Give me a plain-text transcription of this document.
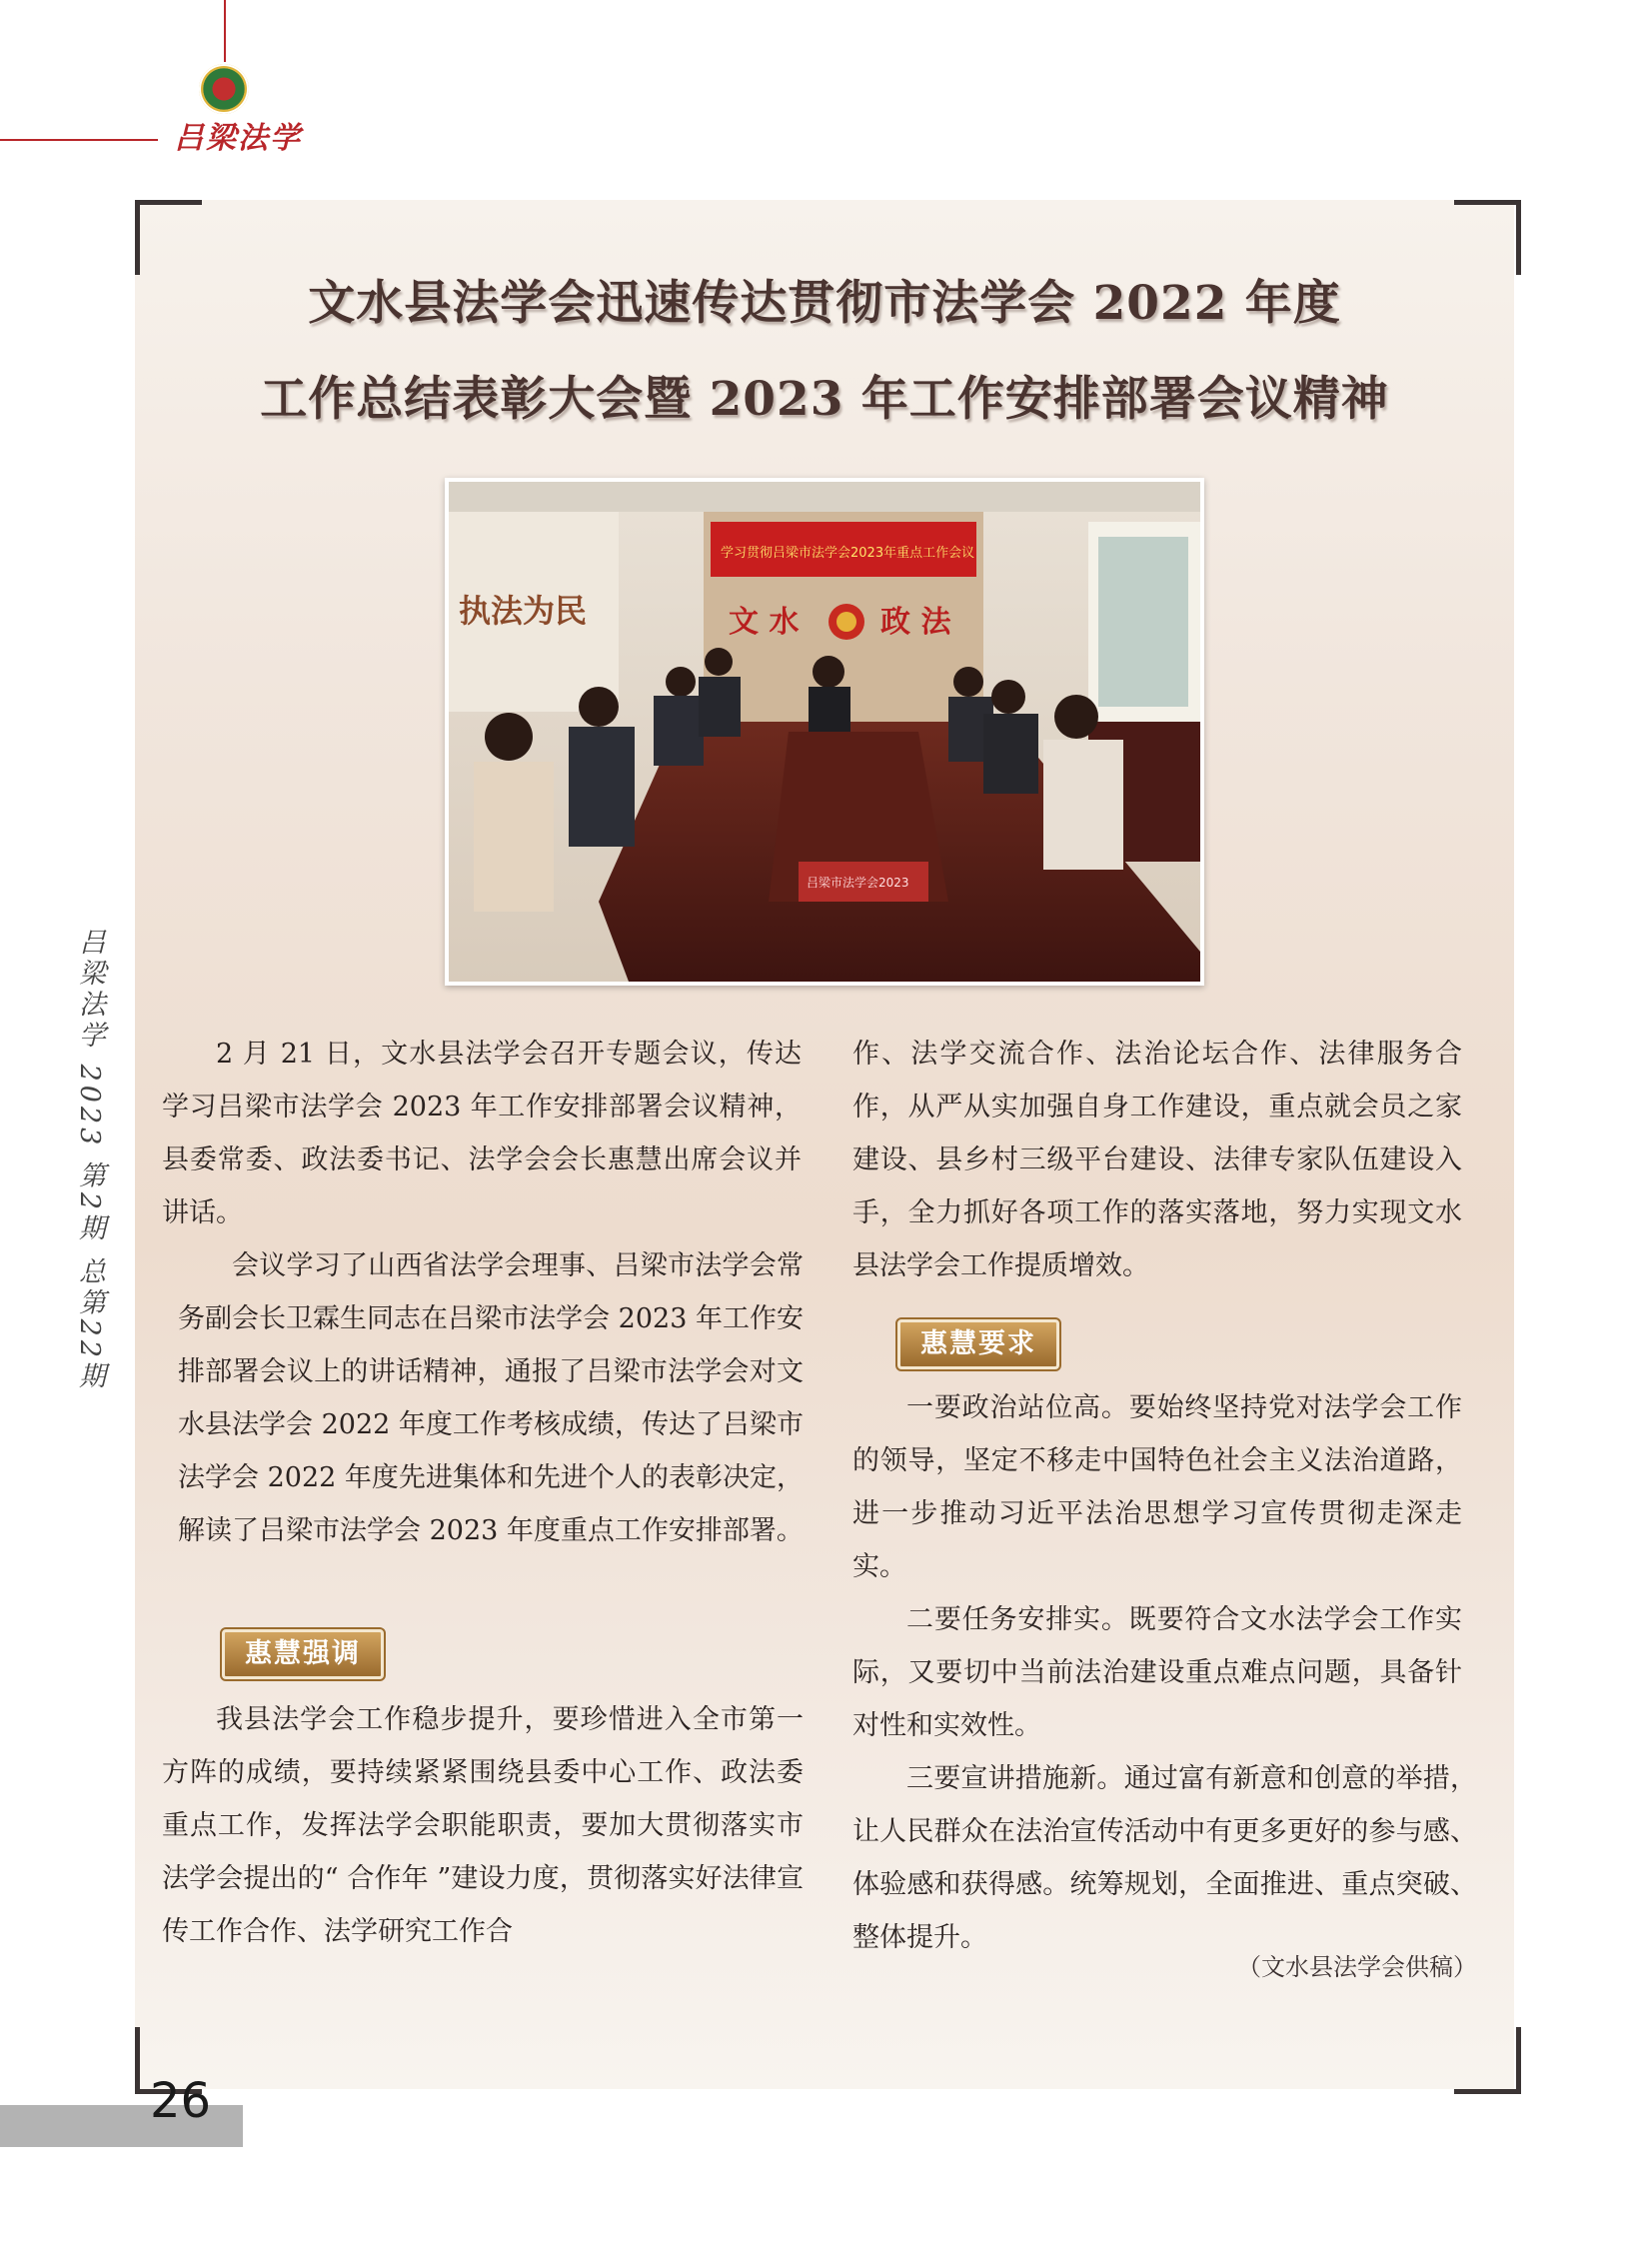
吕梁法学
吕梁法学 2023 第2期 总第22期
文水县法学会迅速传达贯彻市法学会 2022 年度
工作总结表彰大会暨 2023 年工作安排部署会议精神
执法为民
学习贯彻吕梁市法学会2023年重点工作会议
文 水	政 法
吕梁市法学会2023

2 月 21 日，文水县法学会召开专题会议，传达学习吕梁市法学会 2023 年工作安排部署会议精神，县委常委、政法委书记、法学会会长惠慧出席会议并讲话。

会议学习了山西省法学会理事、吕梁市法学会常务副会长卫霖生同志在吕梁市法学会 2023 年工作安排部署会议上的讲话精神，通报了吕梁市法学会对文水县法学会 2022 年度工作考核成绩，传达了吕梁市法学会 2022 年度先进集体和先进个人的表彰决定，解读了吕梁市法学会 2023 年度重点工作安排部署。

惠慧强调

我县法学会工作稳步提升，要珍惜进入全市第一方阵的成绩，要持续紧紧围绕县委中心工作、政法委重点工作，发挥法学会职能职责，要加大贯彻落实市法学会提出的“ 合作年 ”建设力度，贯彻落实好法律宣传工作合作、法学研究工作合

作、法学交流合作、法治论坛合作、法律服务合作，从严从实加强自身工作建设，重点就会员之家建设、县乡村三级平台建设、法律专家队伍建设入手，全力抓好各项工作的落实落地，努力实现文水县法学会工作提质增效。

惠慧要求

一要政治站位高。要始终坚持党对法学会工作的领导，坚定不移走中国特色社会主义法治道路，进一步推动习近平法治思想学习宣传贯彻走深走实。

二要任务安排实。既要符合文水法学会工作实际，又要切中当前法治建设重点难点问题，具备针对性和实效性。

三要宣讲措施新。通过富有新意和创意的举措，让人民群众在法治宣传活动中有更多更好的参与感、体验感和获得感。统筹规划，全面推进、重点突破、整体提升。

（文水县法学会供稿）
26
